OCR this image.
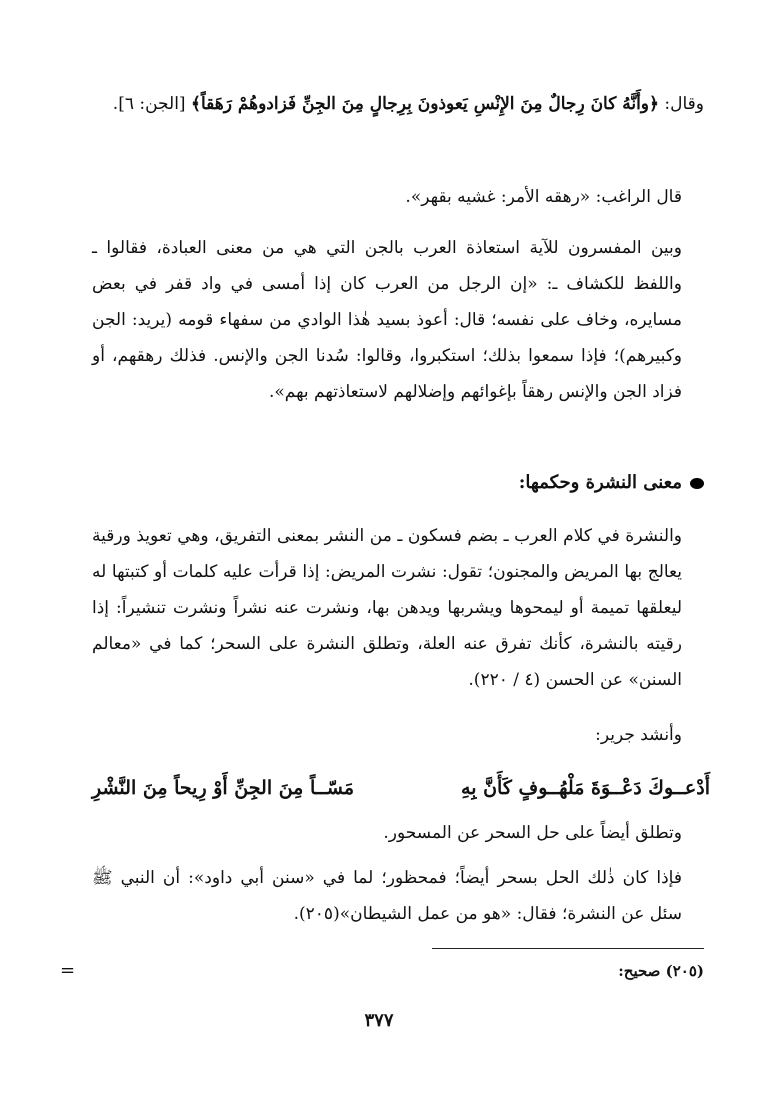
وقال: ﴿وأَنَّهُ كانَ رِجالٌ مِنَ الإِنْسِ يَعوذونَ بِرِجالٍ مِنَ الجِنِّ فَزادوهُمْ رَهَقاً﴾ [الجن: ٦].

قال الراغب: «رهقه الأمر: غشيه بقهر».

وبين المفسرون للآية استعاذة العرب بالجن التي هي من معنى العبادة، فقالوا ـ واللفظ للكشاف ـ: «إن الرجل من العرب كان إذا أمسى في واد قفر في بعض مسايره، وخاف على نفسه؛ قال: أعوذ بسيد هٰذا الوادي من سفهاء قومه (يريد: الجن وكبيرهم)؛ فإذا سمعوا بذلك؛ استكبروا، وقالوا: سُدنا الجن والإنس. فذلك رهقهم، أو فزاد الجن والإنس رهقاً بإغوائهم وإضلالهم لاستعاذتهم بهم».

معنى النشرة وحكمها:

والنشرة في كلام العرب ـ بضم فسكون ـ من النشر بمعنى التفريق، وهي تعويذ ورقية يعالج بها المريض والمجنون؛ تقول: نشرت المريض: إذا قرأت عليه كلمات أو كتبتها له ليعلقها تميمة أو ليمحوها ويشربها ويدهن بها، ونشرت عنه نشراً ونشرت تنشيراً: إذا رقيته بالنشرة، كأنك تفرق عنه العلة، وتطلق النشرة على السحر؛ كما في «معالم السنن» عن الحسن (٤ / ٢٢٠).

وأنشد جرير:

أَدْعــوكَ دَعْــوَةَ مَلْهُــوفٍ كَأَنَّ بِهِ
مَسّــاً مِنَ الجِنِّ أَوْ رِيحاً مِنَ النَّشْرِ

وتطلق أيضاً على حل السحر عن المسحور.

فإذا كان ذٰلك الحل بسحر أيضاً؛ فمحظور؛ لما في «سنن أبي داود»: أن النبي ﷺ سئل عن النشرة؛ فقال: «هو من عمل الشيطان»(٢٠٥).

(٢٠٥) صحيح:
=
٣٧٧
